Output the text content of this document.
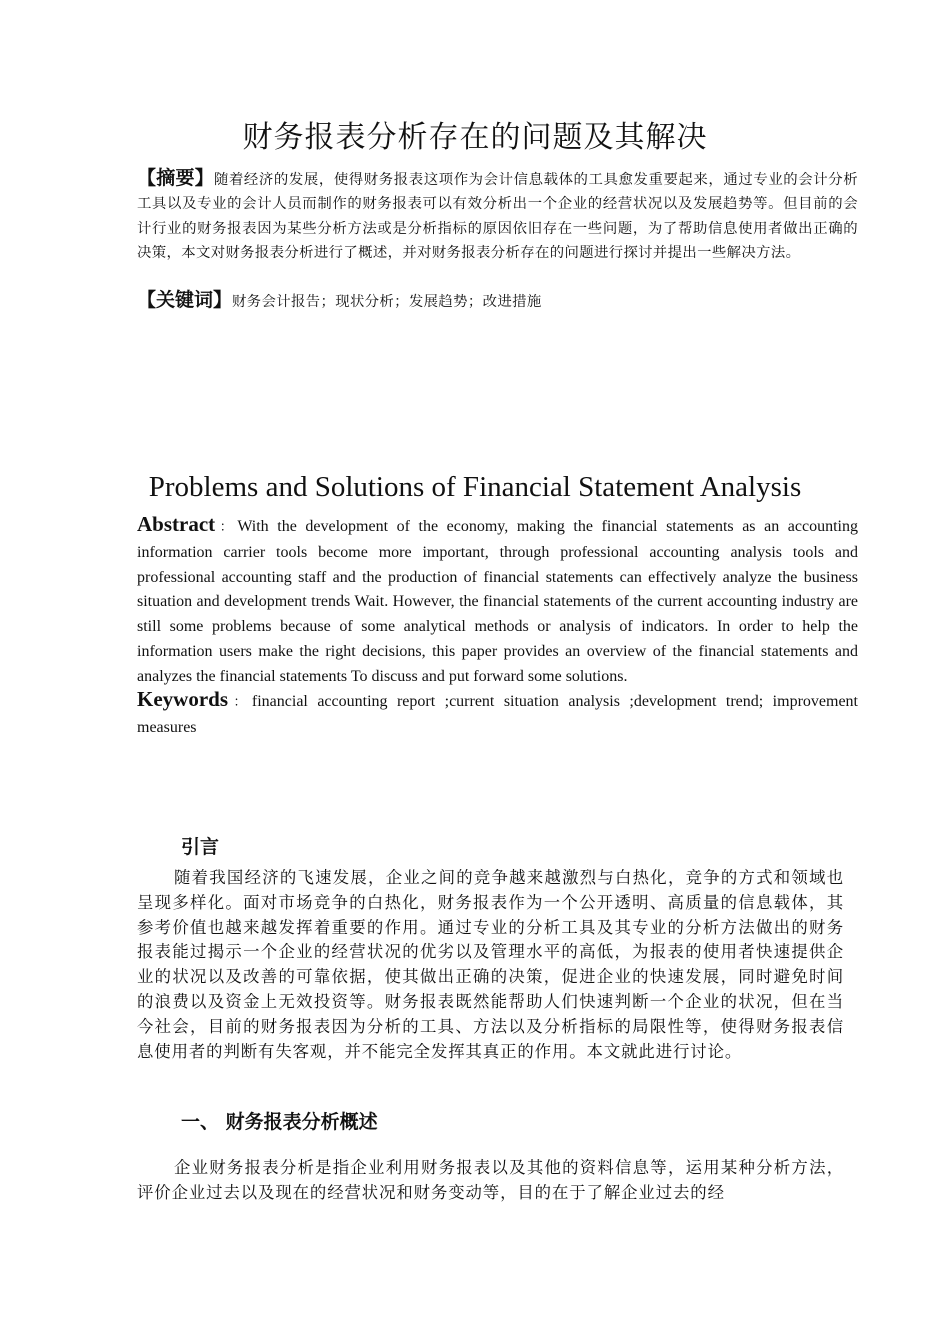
财务报表分析存在的问题及其解决
【摘要】随着经济的发展，使得财务报表这项作为会计信息载体的工具愈发重要起来，通过专业的会计分析工具以及专业的会计人员而制作的财务报表可以有效分析出一个企业的经营状况以及发展趋势等。但目前的会计行业的财务报表因为某些分析方法或是分析指标的原因依旧存在一些问题，为了帮助信息使用者做出正确的决策，本文对财务报表分析进行了概述，并对财务报表分析存在的问题进行探讨并提出一些解决方法。
【关键词】财务会计报告；现状分析；发展趋势；改进措施
Problems and Solutions of Financial Statement Analysis
Abstract：With the development of the economy, making the financial statements as an accounting information carrier tools become more important, through professional accounting analysis tools and professional accounting staff and the production of financial statements can effectively analyze the business situation and development trends Wait. However, the financial statements of the current accounting industry are still some problems because of some analytical methods or analysis of indicators. In order to help the information users make the right decisions, this paper provides an overview of the financial statements and analyzes the financial statements To discuss and put forward some solutions.
Keywords：financial accounting report ;current situation analysis ;development trend; improvement measures
引言

随着我国经济的飞速发展，企业之间的竞争越来越激烈与白热化，竞争的方式和领域也呈现多样化。面对市场竞争的白热化，财务报表作为一个公开透明、高质量的信息载体，其参考价值也越来越发挥着重要的作用。通过专业的分析工具及其专业的分析方法做出的财务报表能过揭示一个企业的经营状况的优劣以及管理水平的高低，为报表的使用者快速提供企业的状况以及改善的可靠依据，使其做出正确的决策，促进企业的快速发展，同时避免时间的浪费以及资金上无效投资等。财务报表既然能帮助人们快速判断一个企业的状况，但在当今社会，目前的财务报表因为分析的工具、方法以及分析指标的局限性等，使得财务报表信息使用者的判断有失客观，并不能完全发挥其真正的作用。本文就此进行讨论。

一、 财务报表分析概述

企业财务报表分析是指企业利用财务报表以及其他的资料信息等，运用某种分析方法，评价企业过去以及现在的经营状况和财务变动等，目的在于了解企业过去的经
